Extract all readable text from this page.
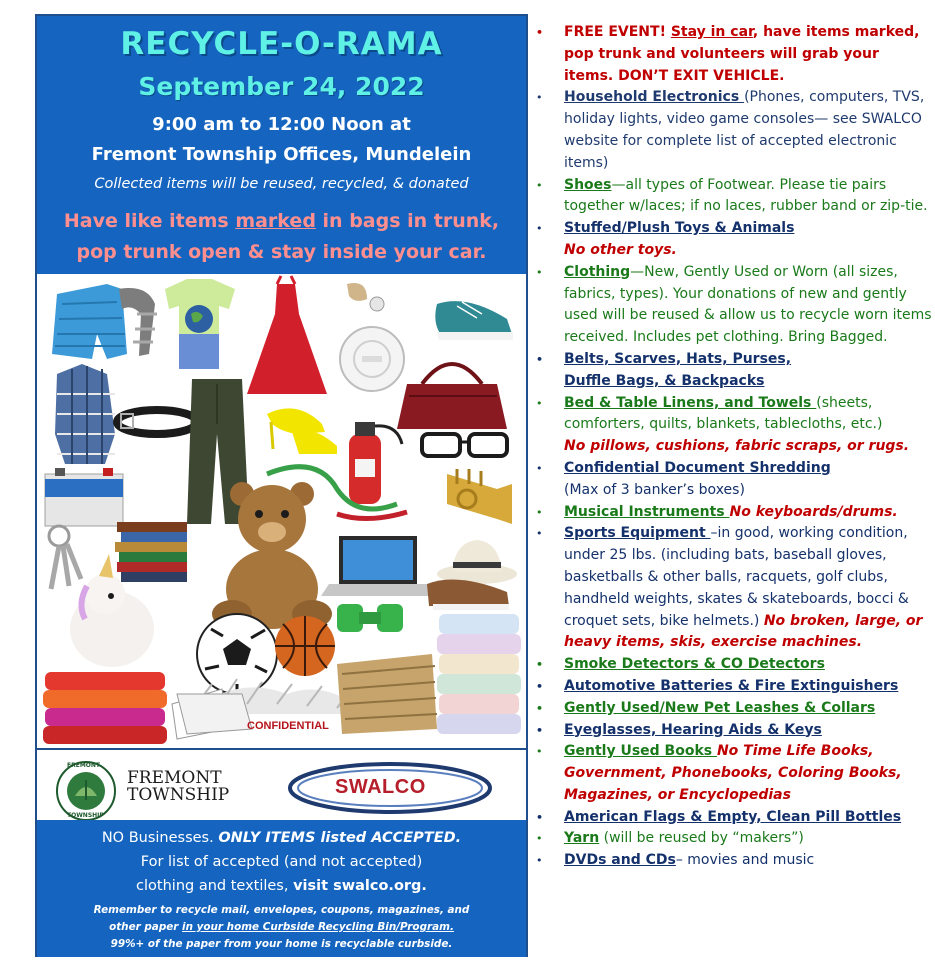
RECYCLE-O-RAMA
September 24, 2022
9:00 am to 12:00 Noon at
Fremont Township Offices, Mundelein
Collected items will be reused, recycled, & donated
Have like items marked in bags in trunk,
pop trunk open & stay inside your car.
CONFIDENTIAL
FREMONT
TOWNSHIP
FREMONT
TOWNSHIP	SWALCO
NO Businesses. ONLY ITEMS listed ACCEPTED.
For list of accepted (and not accepted)
clothing and textiles, visit swalco.org.
Remember to recycle mail, envelopes, coupons, magazines, and
other paper in your home Curbside Recycling Bin/Program.
99%+ of the paper from your home is recyclable curbside.
• FREE EVENT! Stay in car, have items marked, pop trunk and volunteers will grab your items. DON’T EXIT VEHICLE.
• Household Electronics (Phones, computers, TVS, holiday lights, video game consoles— see SWALCO website for complete list of accepted electronic items)
• Shoes—all types of Footwear. Please tie pairs together w/laces; if no laces, rubber band or zip-tie.
• Stuffed/Plush Toys & Animals
No other toys.
• Clothing—New, Gently Used or Worn (all sizes, fabrics, types). Your donations of new and gently used will be reused & allow us to recycle worn items received. Includes pet clothing. Bring Bagged.
• Belts, Scarves, Hats, Purses,
Duffle Bags, & Backpacks
• Bed & Table Linens, and Towels (sheets, comforters, quilts, blankets, tablecloths, etc.)
No pillows, cushions, fabric scraps, or rugs.
• Confidential Document Shredding
(Max of 3 banker’s boxes)
• Musical Instruments No keyboards/drums.
• Sports Equipment –in good, working condition, under 25 lbs. (including bats, baseball gloves, basketballs & other balls, racquets, golf clubs, handheld weights, skates & skateboards, bocci & croquet sets, bike helmets.) No broken, large, or heavy items, skis, exercise machines.
• Smoke Detectors & CO Detectors
• Automotive Batteries & Fire Extinguishers
• Gently Used/New Pet Leashes & Collars
• Eyeglasses, Hearing Aids & Keys
• Gently Used Books No Time Life Books, Government, Phonebooks, Coloring Books, Magazines, or Encyclopedias
• American Flags & Empty, Clean Pill Bottles
• Yarn (will be reused by “makers”)
• DVDs and CDs– movies and music
